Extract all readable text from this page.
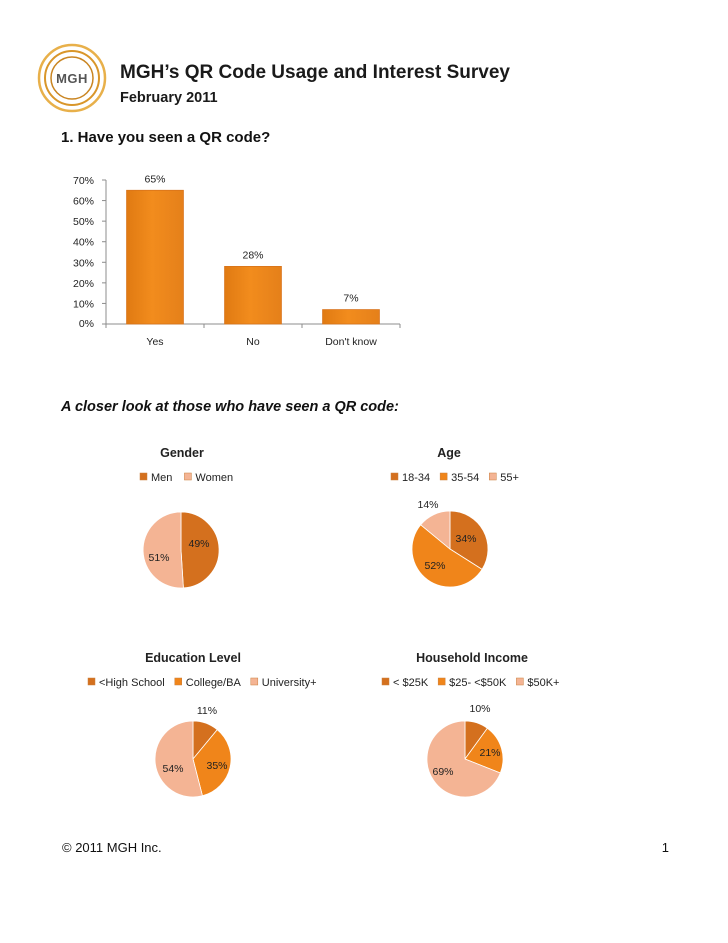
MGH MGH’s QR Code Usage and Interest Survey
February 2011
1. Have you seen a QR code?
0%
10%
20%
30%
40%
50%
60%
70%	65%
Yes
28%
No
7%
Don't know
A closer look at those who have seen a QR code:
Gender
Men Women
49%
51%
Age
18-34 35-54 55+
34%
52%
14%
Education Level
<High School College/BA University+
11%
35%
54%
Household Income
< $25K $25- <$50K $50K+
10%
21%
69%
© 2011 MGH Inc.	1
